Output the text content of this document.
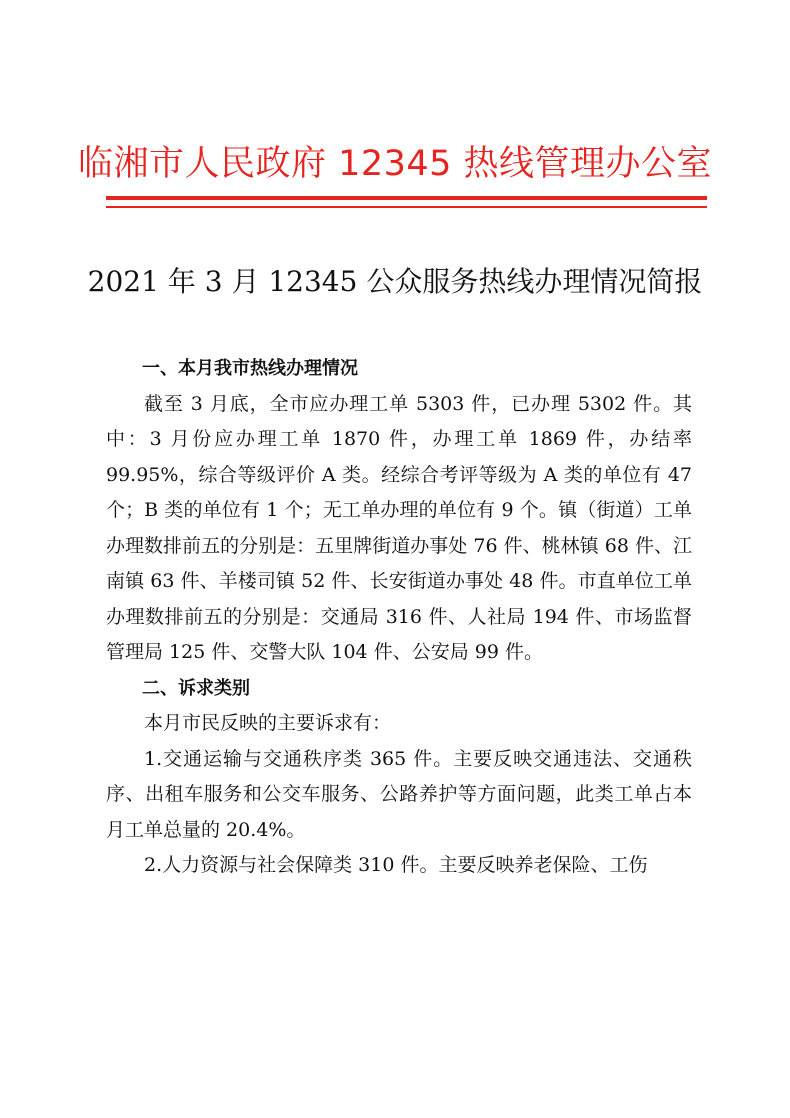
临湘市人民政府 12345 热线管理办公室
2021 年 3 月 12345 公众服务热线办理情况简报

一、本月我市热线办理情况

截至 3 月底，全市应办理工单 5303 件，已办理 5302 件。其中：3 月份应办理工单 1870 件，办理工单 1869 件，办结率 99.95%，综合等级评价 A 类。经综合考评等级为 A 类的单位有 47 个；B 类的单位有 1 个；无工单办理的单位有 9 个。镇（街道）工单办理数排前五的分别是：五里牌街道办事处 76 件、桃林镇 68 件、江南镇 63 件、羊楼司镇 52 件、长安街道办事处 48 件。市直单位工单办理数排前五的分别是：交通局 316 件、人社局 194 件、市场监督管理局 125 件、交警大队 104 件、公安局 99 件。

二、诉求类别

本月市民反映的主要诉求有：

1.交通运输与交通秩序类 365 件。主要反映交通违法、交通秩序、出租车服务和公交车服务、公路养护等方面问题，此类工单占本月工单总量的 20.4%。

2.人力资源与社会保障类 310 件。主要反映养老保险、工伤
